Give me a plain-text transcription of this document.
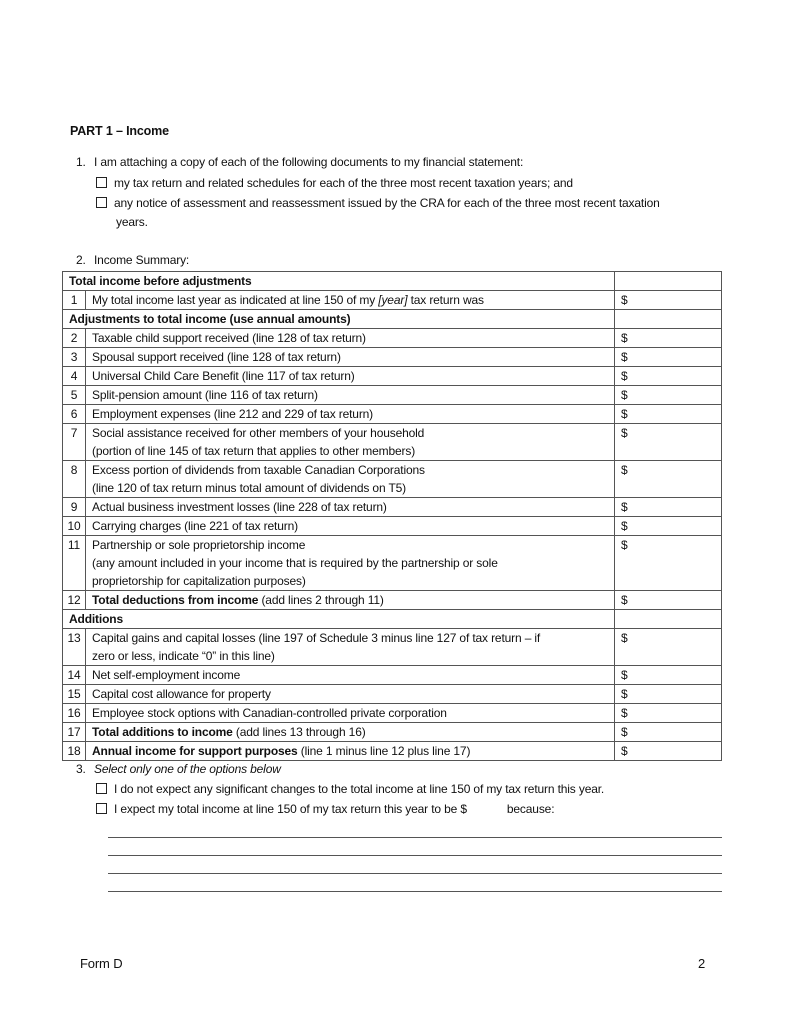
PART 1 – Income
1. I am attaching a copy of each of the following documents to my financial statement:
my tax return and related schedules for each of the three most recent taxation years; and
any notice of assessment and reassessment issued by the CRA for each of the three most recent taxation
years.
2. Income Summary:
Total income before adjustments		
1	My total income last year as indicated at line 150 of my [year] tax return was	$
Adjustments to total income (use annual amounts)		
2	Taxable child support received (line 128 of tax return)	$
3	Spousal support received (line 128 of tax return)	$
4	Universal Child Care Benefit (line 117 of tax return)	$
5	Split-pension amount (line 116 of tax return)	$
6	Employment expenses (line 212 and 229 of tax return)	$
7	Social assistance received for other members of your household
(portion of line 145 of tax return that applies to other members)	$
8	Excess portion of dividends from taxable Canadian Corporations
(line 120 of tax return minus total amount of dividends on T5)	$
9	Actual business investment losses (line 228 of tax return)	$
10	Carrying charges (line 221 of tax return)	$
11	Partnership or sole proprietorship income
(any amount included in your income that is required by the partnership or sole
proprietorship for capitalization purposes)	$
12	Total deductions from income (add lines 2 through 11)	$
Additions		
13	Capital gains and capital losses (line 197 of Schedule 3 minus line 127 of tax return – if
zero or less, indicate “0” in this line)	$
14	Net self-employment income	$
15	Capital cost allowance for property	$
16	Employee stock options with Canadian-controlled private corporation	$
17	Total additions to income (add lines 13 through 16)	$
18	Annual income for support purposes (line 1 minus line 12 plus line 17)	$
3. Select only one of the options below
I do not expect any significant changes to the total income at line 150 of my tax return this year.
I expect my total income at line 150 of my tax return this year to be $	because:
Form D	2
